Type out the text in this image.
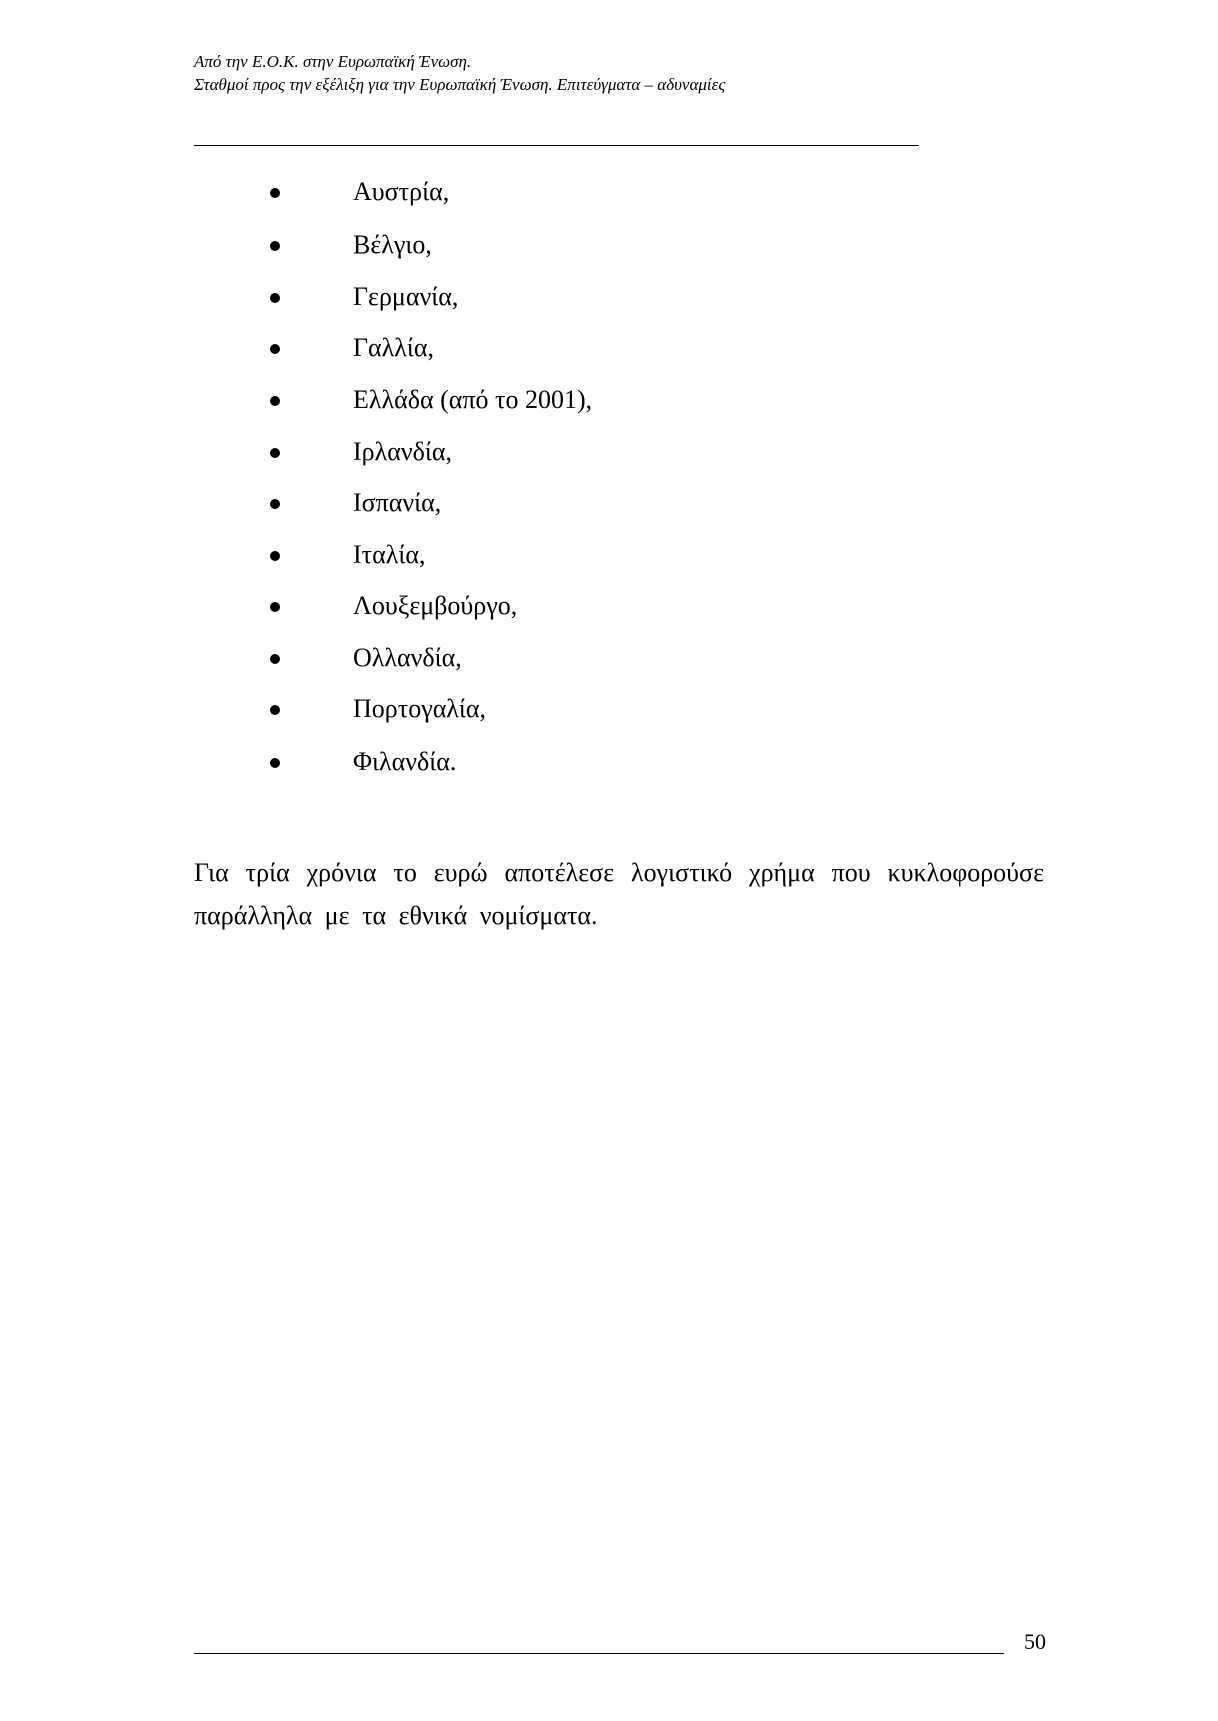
Από την Ε.Ο.Κ. στην Ευρωπαϊκή Ένωση.
Σταθμοί προς την εξέλιξη για την Ευρωπαϊκή Ένωση. Επιτεύγματα – αδυναμίες
Αυστρία,
Βέλγιο,
Γερμανία,
Γαλλία,
Ελλάδα (από το 2001),
Ιρλανδία,
Ισπανία,
Ιταλία,
Λουξεμβούργο,
Ολλανδία,
Πορτογαλία,
Φιλανδία.

Για τρία χρόνια το ευρώ αποτέλεσε λογιστικό χρήμα που κυκλοφορούσε παράλληλα με τα εθνικά νομίσματα.

50
